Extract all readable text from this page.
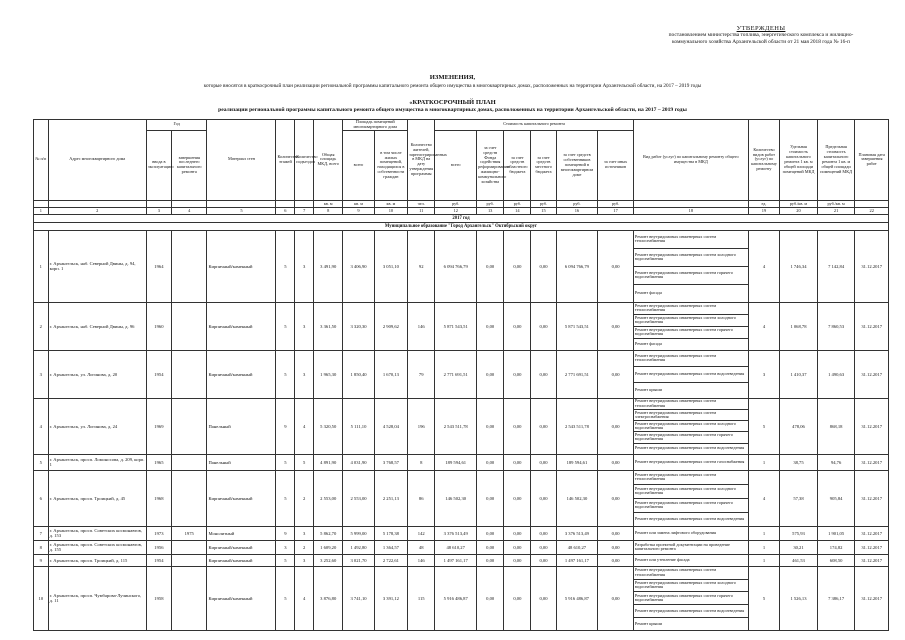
УТВЕРЖДЕНЫ
постановлением министерства топлива, энергетического комплекса и жилищно-
коммунального хозяйства Архангельской области от 21 мая 2018 года № 16-п
ИЗМЕНЕНИЯ,
которые вносятся в краткосрочный план реализации региональной программы капитального ремонта общего имущества в многоквартирных домах, расположенных на территории Архангельской области, на 2017 – 2019 годы
«КРАТКОСРОЧНЫЙ ПЛАН
реализации региональной программы капитального ремонта общего имущества в многоквартирных домах, расположенных на территории Архангельской области, на 2017 – 2019 годы
№ п/п	Адрес многоквартирного дома	Год		Материал стен	Количество этажей	Количество подъездов	Общая площадь МКД, всего	Площадь помещений многоквартирного дома		Количество жителей, зарегистрированных в МКД на дату утверждения программы	Стоимость капитального ремонта						Вид работ (услуг) по капитальному ремонту общего имущества в МКД	Количество видов работ (услуг) по капитальному ремонту	Удельная стоимость капитального ремонта 1 кв. м общей площади помещений МКД	Предельная стоимость капитального ремонта 1 кв. м общей площади помещений МКД	Плановая дата завершения работ
		ввода в эксплуатацию	завершения последнего капитального ремонта					всего	в том числе жилых помещений, находящихся в собственности граждан		всего	за счет средств Фонда содействия реформированию жилищно-коммунального хозяйства	за счет средств областного бюджета	за счет средств местного бюджета	за счет средств собственников помещений в многоквартирном доме	за счет иных источников					
							кв. м	кв. м	кв. м	чел.	руб.	руб.	руб.	руб.	руб.	руб.		ед.	руб./кв. м	руб./кв. м	
1	2	3	4	5	6	7	8	9	10	11	12	13	14	15	16	17	18	19	20	21	22
2017 год																					
Муниципальное образование "Город Архангельск" Октябрьский округ																					
1	г. Архангельск, наб. Северной Двины, д. 94, корп. 1	1964		Кирпичный/каменный	5	3	3 491,90	3 406,90	3 051,10	92	6 094 766,79	0,00	0,00	0,00	6 094 766,79	0,00	Ремонт внутридомовых инженерных систем теплоснабжения	4	1 746,34	7 142,84	31.12.2017
																	Ремонт внутридомовых инженерных систем холодного водоснабжения				
																	Ремонт внутридомовых инженерных систем горячего водоснабжения				
																	Ремонт фасада				
2	г. Архангельск, наб. Северной Двины, д. 96	1960		Кирпичный/каменный	5	3	3 361,50	3 320,30	2 909,62	146	5 871 543,51	0,00	0,00	0,00	5 871 543,51	0,00	Ремонт внутридомовых инженерных систем теплоснабжения	4	1 068,78	7 860,53	31.12.2017
																	Ремонт внутридомовых инженерных систем холодного водоснабжения				
																	Ремонт внутридомовых инженерных систем горячего водоснабжения				
																	Ремонт фасада				
3	г. Архангельск, ул. Логинова, д. 20	1954		Кирпичный/каменный	5	3	1 965,30	1 850,40	1 670,13	79	2 771 691,51	0,00	0,00	0,00	2 771 691,51	0,00	Ремонт внутридомовых инженерных систем теплоснабжения	3	1 410,37	1 490,63	31.12.2017
																	Ремонт внутридомовых инженерных систем водоотведения				
																	Ремонт крыши				
4	г. Архангельск, ул. Логинова, д. 24	1969		Панельный	9	4	5 320,50	5 111,10	4 528,04	196	2 543 511,78	0,00	0,00	0,00	2 543 511,78	0,00	Ремонт внутридомовых инженерных систем теплоснабжения	5	478,06	868,18	31.12.2017
																	Ремонт внутридомовых инженерных систем электроснабжения				
																	Ремонт внутридомовых инженерных систем холодного водоснабжения				
																	Ремонт внутридомовых инженерных систем горячего водоснабжения				
																	Ремонт внутридомовых инженерных систем водоотведения				
5	г. Архангельск, просп. Ломоносова, д. 209, корп. 1	1965		Панельный	5	5	4 891,90	4 031,90	3 768,57	8	189 594,61	0,00	0,00	0,00	189 594,61	0,00	Ремонт внутридомовых инженерных систем газоснабжения	1	38,75	94,76	31.12.2017
6	г. Архангельск, просп. Троицкий, д. 45	1968		Кирпичный/каменный	5	2	2 553,00	2 553,00	2 251,13	86	146 502,30	0,00	0,00	0,00	146 502,30	0,00	Ремонт внутридомовых инженерных систем теплоснабжения	4	57,38	905,84	31.12.2017
																	Ремонт внутридомовых инженерных систем холодного водоснабжения				
																	Ремонт внутридомовых инженерных систем горячего водоснабжения				
																	Ремонт внутридомовых инженерных систем водоотведения				
7	г. Архангельск, просп. Советских космонавтов, д. 153	1973	1975	Монолитный	9	3	5 862,70	5 999,00	5 178,38	142	3 376 513,49	0,00	0,00	0,00	3 376 513,49	0,00	Ремонт или замена лифтового оборудования	1	575,93	1 901,05	31.12.2017
8	г. Архангельск, просп. Советских космонавтов, д. 155	1956		Кирпичный/каменный	3	2	1 609,20	1 492,80	1 364,57	48	48 610,27	0,00	0,00	0,00	48 610,27	0,00	Разработка проектной документации на проведение капитального ремонта	1	30,21	174,82	31.12.2017
9	г. Архангельск, просп. Троицкий, д. 115	1954		Кирпичный/каменный	5	3	3 252,60	3 021,70	2 722,61	146	1 497 161,17	0,00	0,00	0,00	1 497 161,17	0,00	Ремонт или утепление фасада	1	461,53	608,50	31.12.2017
10	г. Архангельск, просп. Чумбарова-Лучинского, д. 11	1958		Кирпичный/каменный	5	4	3 876,80	3 741,10	3 391,12	115	5 916 486,87	0,00	0,00	0,00	5 916 486,87	0,00	Ремонт внутридомовых инженерных систем теплоснабжения	5	1 526,13	7 386,17	31.12.2017
																	Ремонт внутридомовых инженерных систем холодного водоснабжения				
																	Ремонт внутридомовых инженерных систем горячего водоснабжения				
																	Ремонт внутридомовых инженерных систем водоотведения				
																	Ремонт крыши				
